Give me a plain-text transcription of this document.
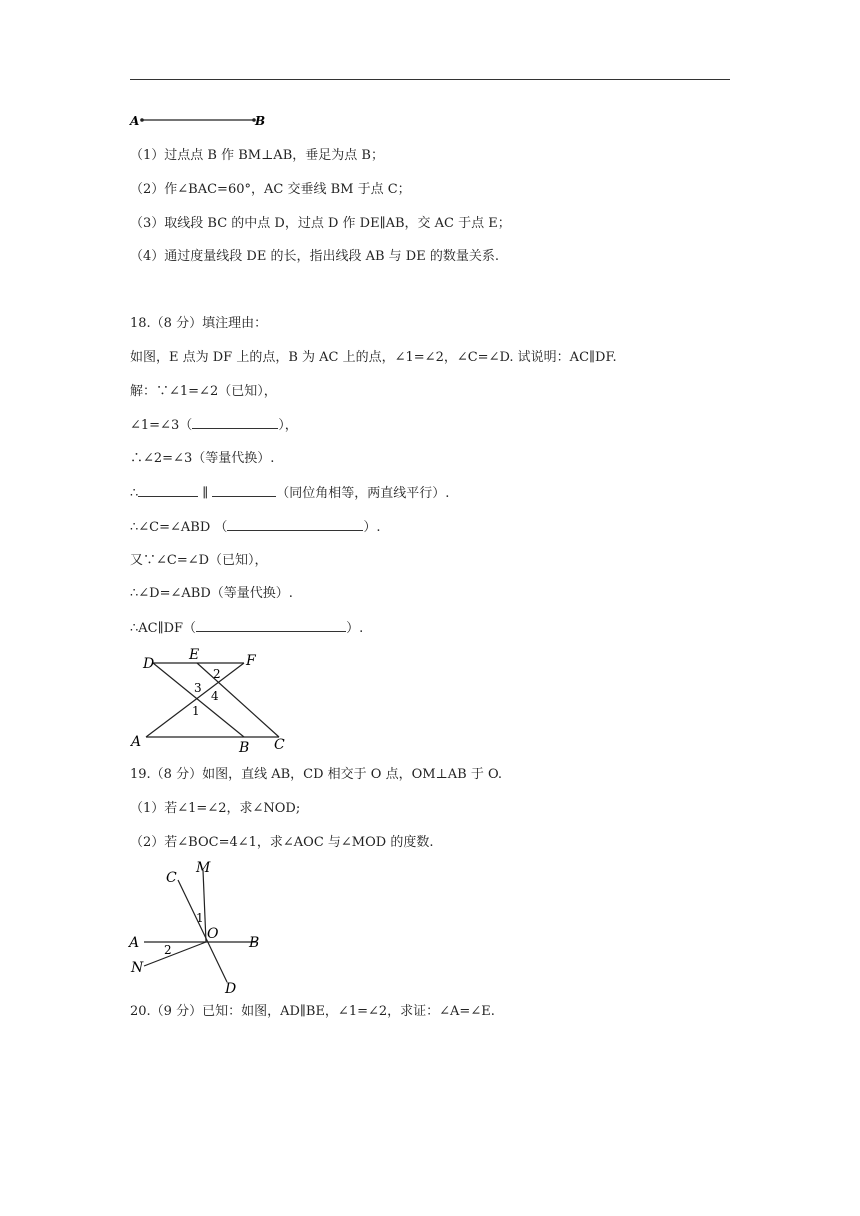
A	B
（1）过点点 B 作 BM⊥AB，垂足为点 B；
（2）作∠BAC=60°，AC 交垂线 BM 于点 C；
（3）取线段 BC 的中点 D，过点 D 作 DE∥AB，交 AC 于点 E；
（4）通过度量线段 DE 的长，指出线段 AB 与 DE 的数量关系.
18.（8 分）填注理由：
如图，E 点为 DF 上的点，B 为 AC 上的点，∠1=∠2，∠C=∠D. 试说明：AC∥DF.
解：∵∠1=∠2（已知），
∠1=∠3（	），
∴∠2=∠3（等量代换）.
∴	∥	（同位角相等，两直线平行）.
∴∠C=∠ABD （	）.
又∵∠C=∠D（已知），
∴∠D=∠ABD（等量代换）.
∴AC∥DF（	）.
D
E	F
A	B C
1
2
3
4
19.（8 分）如图，直线 AB，CD 相交于 O 点，OM⊥AB 于 O.
（1）若∠1=∠2，求∠NOD;
（2）若∠BOC=4∠1，求∠AOC 与∠MOD 的度数.
C
M
A	B
N
D
O
1
2
20.（9 分）已知：如图，AD∥BE，∠1=∠2，求证：∠A=∠E.
